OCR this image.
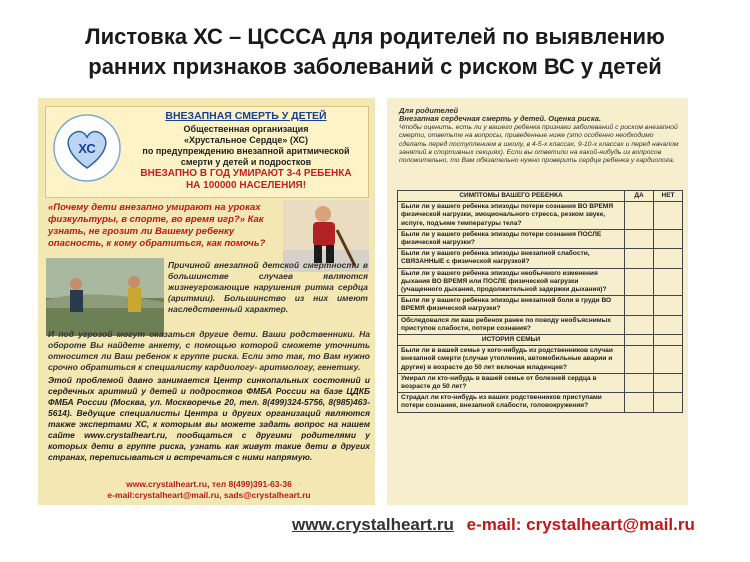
Листовка ХС – ЦСССА для родителей по выявлению
ранних признаков заболеваний с риском ВС у детей
ХС
ВНЕЗАПНАЯ СМЕРТЬ У ДЕТЕЙ
Общественная организация
«Хрустальное Сердце» (ХС)
по предупреждению внезапной аритмической смерти у детей и подростков
ВНЕЗАПНО В ГОД УМИРАЮТ 3-4 РЕБЕНКА
НА 100000 НАСЕЛЕНИЯ!
«Почему дети внезапно умирают на уроках физкультуры, в спорте, во время игр?» Как узнать, не грозит ли Вашему ребенку опасность, к кому обратиться, как помочь?
Причиной внезапной детской смертности в большинстве случаев являются жизнеугрожающие нарушения ритма сердца (аритмии). Большинство из них имеют наследственный характер.
И под угрозой могут оказаться другие дети. Ваши родственники. На обороте Вы найдете анкету, с помощью которой сможете уточнить относится ли Ваш ребенок к группе риска. Если это так, то Вам нужно срочно обратиться к специалисту кардиологу- аритмологу, генетику.
Этой проблемой давно занимается Центр синкопальных состояний и сердечных аритмий у детей и подростков ФМБА России на базе ЦДКБ ФМБА России (Москва, ул. Москворечье 20, тел. 8(499)324-5756, 8(985)463-5614). Ведущие специалисты Центра и других организаций являются также экспертами ХС, к которым вы можете задать вопрос на нашем сайте www.crystalheart.ru, пообщаться с другими родителями у которых дети в группе риска, узнать как живут такие дети в других странах, переписываться и встречаться с ними напрямую.
www.crystalheart.ru, тел 8(499)391-63-36
e-mail:crystalheart@mail.ru, sads@crystalheart.ru
Для родителей
Внезапная сердечная смерть у детей. Оценка риска.
Чтобы оценить, есть ли у вашего ребенка признаки заболеваний с риском внезапной смерти, ответьте на вопросы, приведенные ниже (это особенно необходимо сделать перед поступлением в школу, в 4-5-х классах, 9-10-х классах и перед началом занятий в спортивных секциях). Если вы ответили на какой-нибудь из вопросов положительно, то Вам обязательно нужно проверить сердце ребенка у кардиолога.
СИМПТОМЫ ВАШЕГО РЕБЕНКА	ДА	НЕТ
Были ли у вашего ребенка эпизоды потери сознания ВО ВРЕМЯ физической нагрузки, эмоционального стресса, резком звуке, испуге, подъеме температуры тела?		
Были ли у вашего ребенка эпизоды потери сознания ПОСЛЕ физической нагрузки?		
Были ли у вашего ребенка эпизоды внезапной слабости, СВЯЗАННЫЕ с физической нагрузкой?		
Были ли у вашего ребенка эпизоды необычного изменения дыхания ВО ВРЕМЯ или ПОСЛЕ физической нагрузки (учащенного дыхания, продолжительной задержки дыхания)?		
Были ли у вашего ребенка эпизоды внезапной боли в груди ВО ВРЕМЯ физической нагрузки?		
Обследовался ли ваш ребенок ранее по поводу необъяснимых приступов слабости, потери сознания?		
ИСТОРИЯ СЕМЬИ		
Были ли в вашей семье у кого-нибудь из родственников случаи внезапной смерти (случаи утопления, автомобильные аварии и другие) в возрасте до 50 лет включая младенцев?		
Умирал ли кто-нибудь в вашей семье от болезней сердца в возрасте до 50 лет?		
Страдал ли кто-нибудь из ваших родственников приступами потери сознания, внезапной слабости, головокружения?		
www.crystalheart.ru e-mail: crystalheart@mail.ru
